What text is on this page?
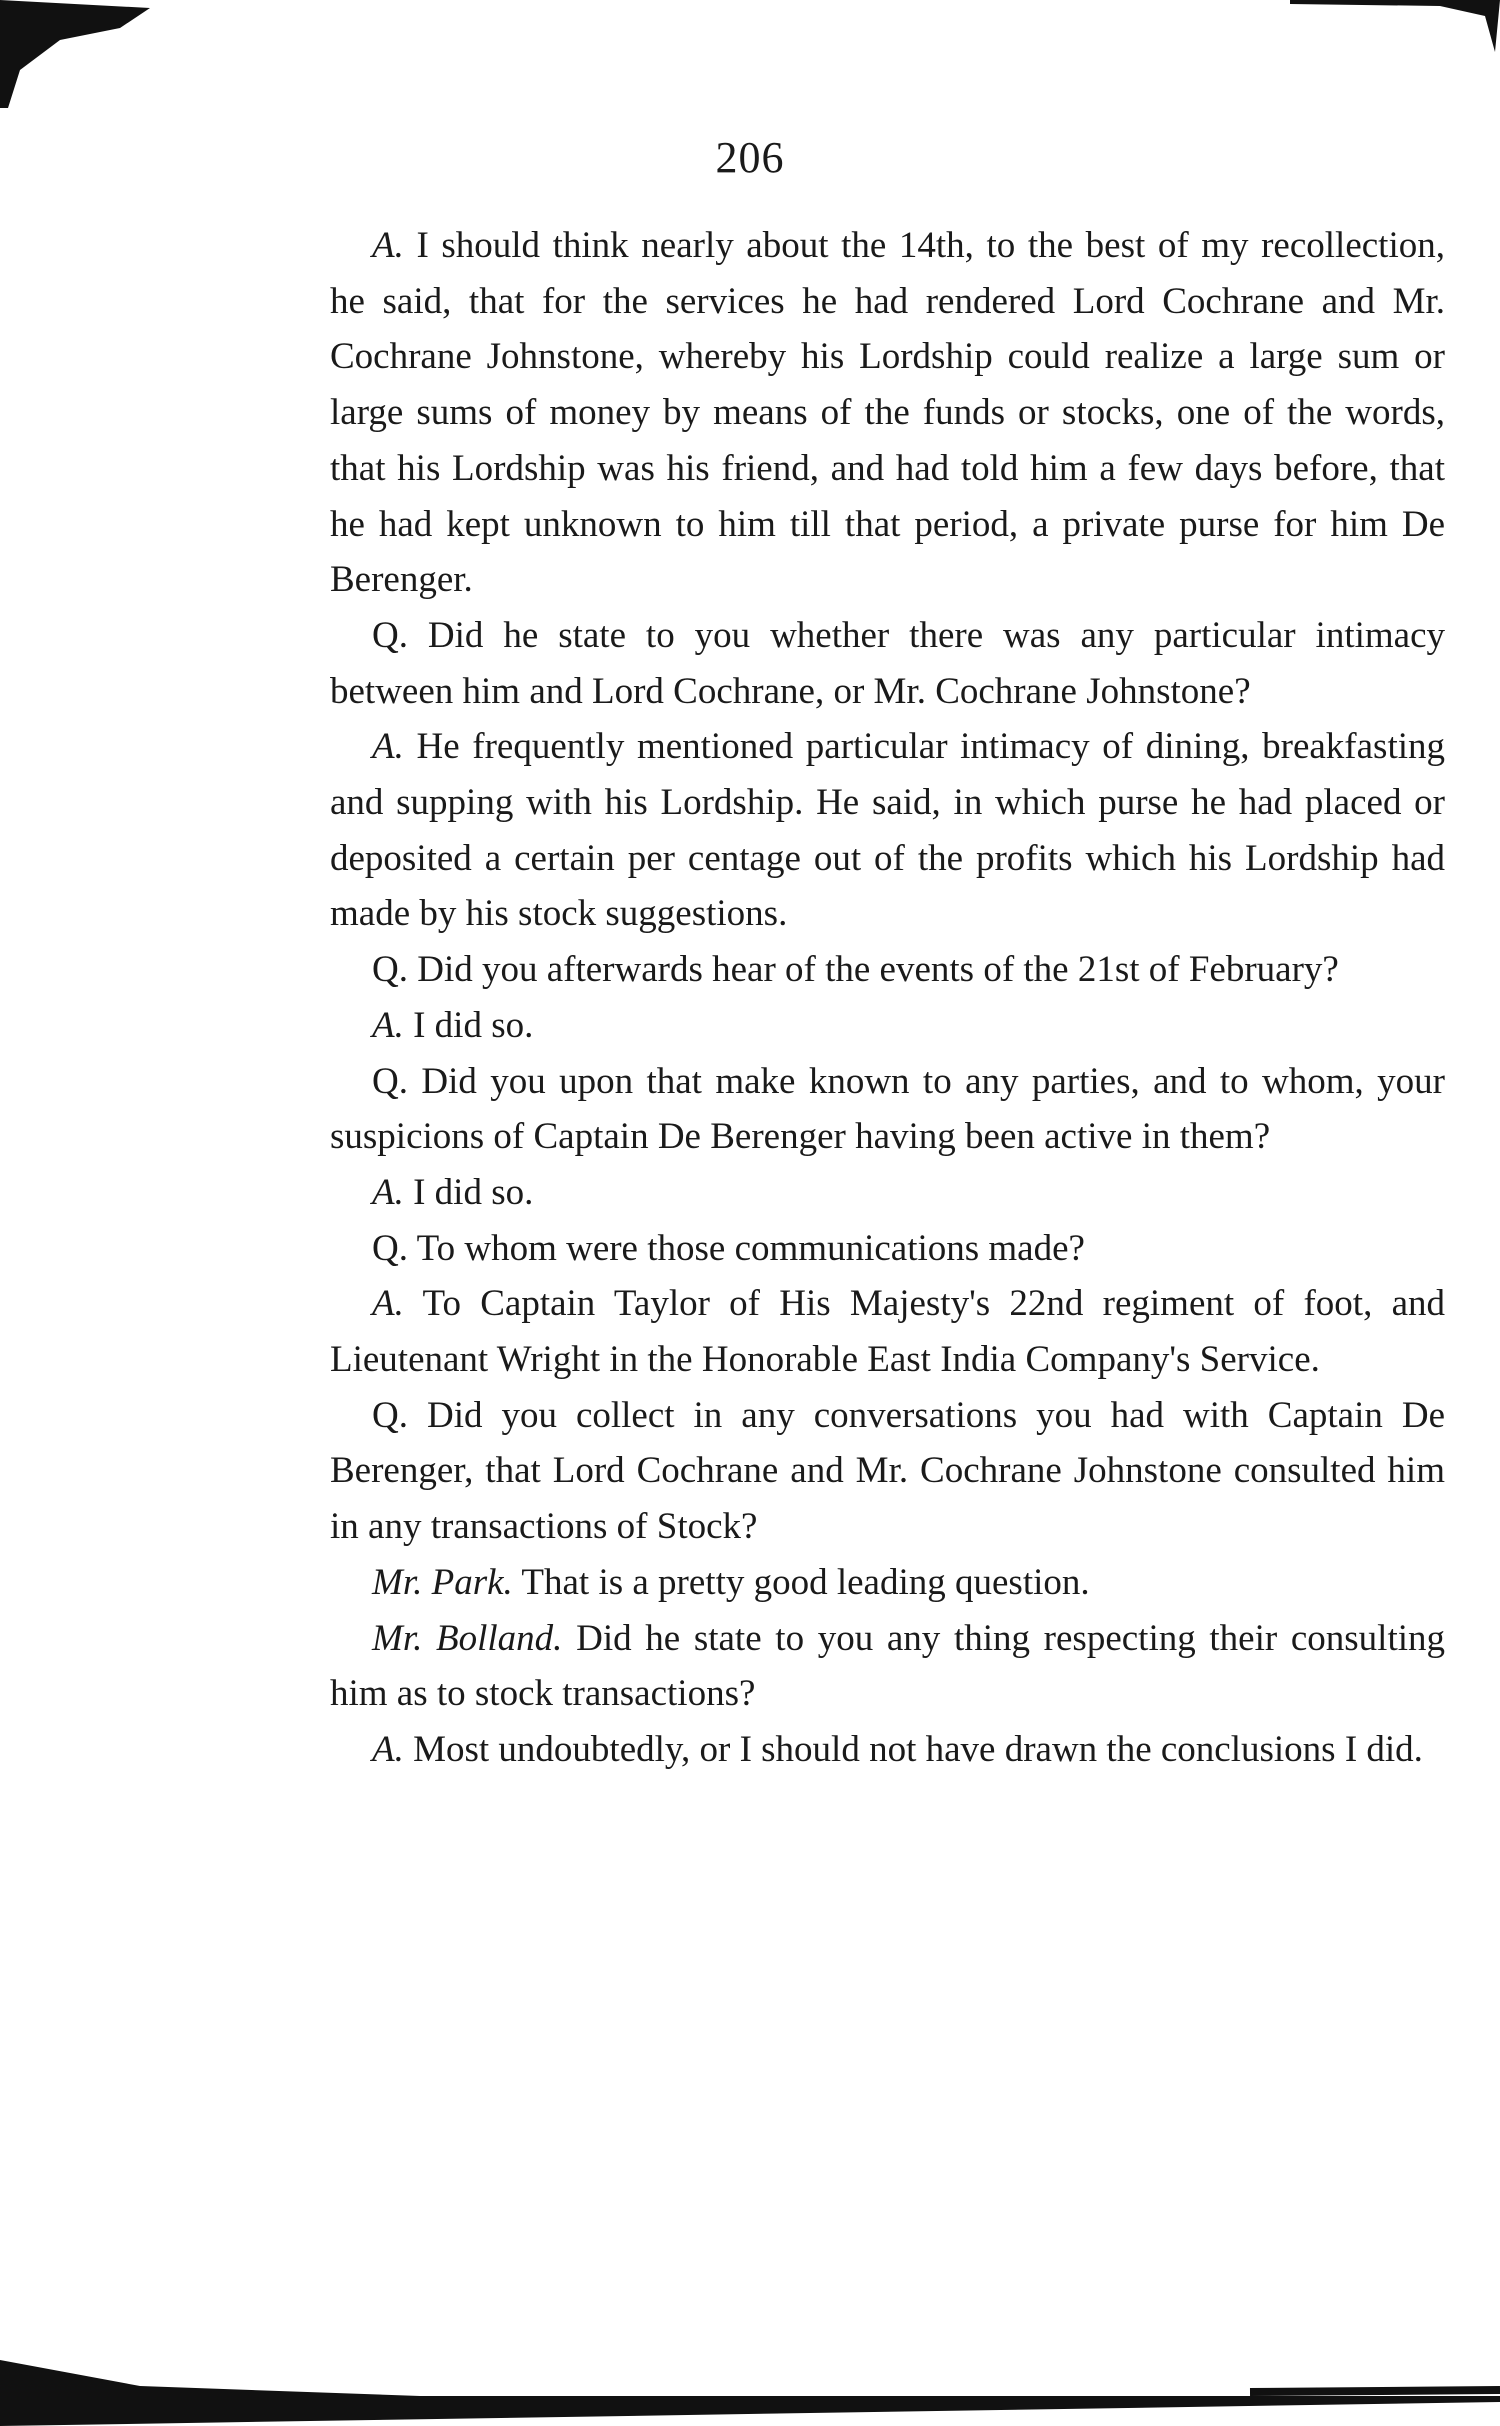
206

A. I should think nearly about the 14th, to the best of my recollection, he said, that for the services he had rendered Lord Cochrane and Mr. Cochrane Johnstone, whereby his Lordship could realize a large sum or large sums of money by means of the funds or stocks, one of the words, that his Lordship was his friend, and had told him a few days before, that he had kept unknown to him till that period, a private purse for him De Berenger.

Q. Did he state to you whether there was any particular intimacy between him and Lord Cochrane, or Mr. Cochrane Johnstone?

A. He frequently mentioned particular intimacy of dining, breakfasting and supping with his Lordship. He said, in which purse he had placed or deposited a certain per centage out of the profits which his Lordship had made by his stock suggestions.

Q. Did you afterwards hear of the events of the 21st of February?

A. I did so.

Q. Did you upon that make known to any parties, and to whom, your suspicions of Captain De Berenger having been active in them?

A. I did so.

Q. To whom were those communications made?

A. To Captain Taylor of His Majesty's 22nd regiment of foot, and Lieutenant Wright in the Honorable East India Company's Service.

Q. Did you collect in any conversations you had with Captain De Berenger, that Lord Cochrane and Mr. Cochrane Johnstone consulted him in any transactions of Stock?

Mr. Park. That is a pretty good leading question.

Mr. Bolland. Did he state to you any thing respecting their consulting him as to stock transactions?

A. Most undoubtedly, or I should not have drawn the conclusions I did.
